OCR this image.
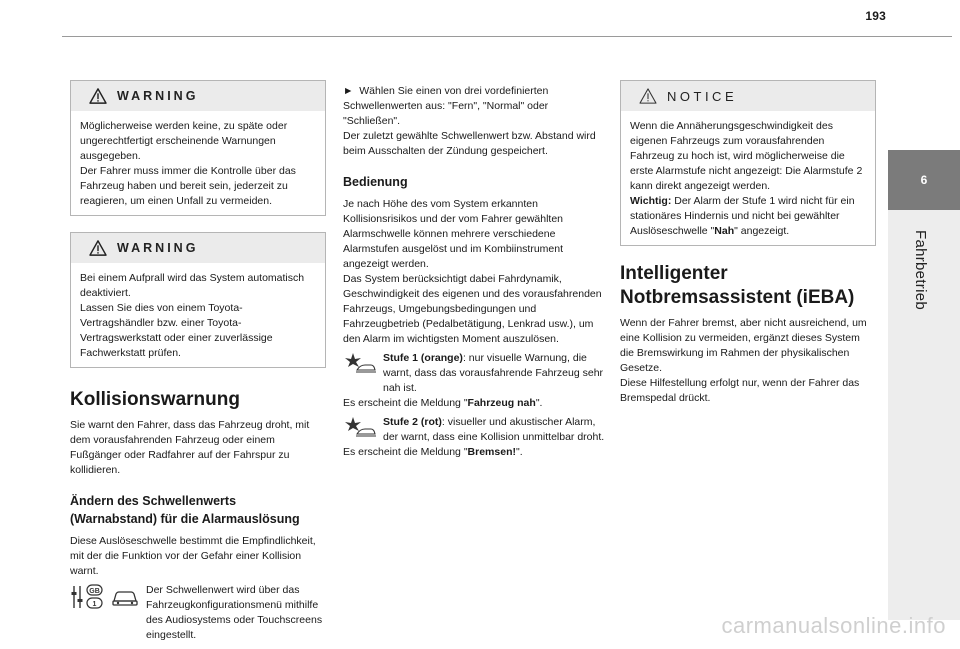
193
6
Fahrbetrieb
WARNING

Möglicherweise werden keine, zu späte oder ungerechtfertigt erscheinende Warnungen ausgegeben.

Der Fahrer muss immer die Kontrolle über das Fahrzeug haben und bereit sein, jederzeit zu reagieren, um einen Unfall zu vermeiden.

WARNING

Bei einem Aufprall wird das System automatisch deaktiviert.

Lassen Sie dies von einem Toyota-Vertragshändler bzw. einer Toyota-Vertragswerkstatt oder einer zuverlässige Fachwerkstatt prüfen.

Kollisionswarnung

Sie warnt den Fahrer, dass das Fahrzeug droht, mit dem vorausfahrenden Fahrzeug oder einem Fußgänger oder Radfahrer auf der Fahrspur zu kollidieren.

Ändern des Schwellenwerts (Warnabstand) für die Alarmauslösung

Diese Auslöseschwelle bestimmt die Empfindlichkeit, mit der die Funktion vor der Gefahr einer Kollision warnt.

GB
1

Der Schwellenwert wird über das Fahrzeugkonfigurationsmenü mithilfe des Audiosystems oder Touchscreens eingestellt.

► Wählen Sie einen von drei vordefinierten Schwellenwerten aus: "Fern", "Normal" oder "Schließen".

Der zuletzt gewählte Schwellenwert bzw. Abstand wird beim Ausschalten der Zündung gespeichert.

Bedienung

Je nach Höhe des vom System erkannten Kollisionsrisikos und der vom Fahrer gewählten Alarmschwelle können mehrere verschiedene Alarmstufen ausgelöst und im Kombiinstrument angezeigt werden.

Das System berücksichtigt dabei Fahrdynamik, Geschwindigkeit des eigenen und des vorausfahrenden Fahrzeugs, Umgebungsbedingungen und Fahrzeugbetrieb (Pedalbetätigung, Lenkrad usw.), um den Alarm im wichtigsten Moment auszulösen.

Stufe 1 (orange): nur visuelle Warnung, die warnt, dass das vorausfahrende Fahrzeug sehr nah ist.

Es erscheint die Meldung "Fahrzeug nah".

Stufe 2 (rot): visueller und akustischer Alarm, der warnt, dass eine Kollision unmittelbar droht.

Es erscheint die Meldung "Bremsen!".

NOTICE

Wenn die Annäherungsgeschwindigkeit des eigenen Fahrzeugs zum vorausfahrenden Fahrzeug zu hoch ist, wird möglicherweise die erste Alarmstufe nicht angezeigt: Die Alarmstufe 2 kann direkt angezeigt werden.

Wichtig: Der Alarm der Stufe 1 wird nicht für ein stationäres Hindernis und nicht bei gewählter Auslöseschwelle "Nah" angezeigt.

Intelligenter Notbremsassistent (iEBA)

Wenn der Fahrer bremst, aber nicht ausreichend, um eine Kollision zu vermeiden, ergänzt dieses System die Bremswirkung im Rahmen der physikalischen Gesetze.

Diese Hilfestellung erfolgt nur, wenn der Fahrer das Bremspedal drückt.

carmanualsonline.info
